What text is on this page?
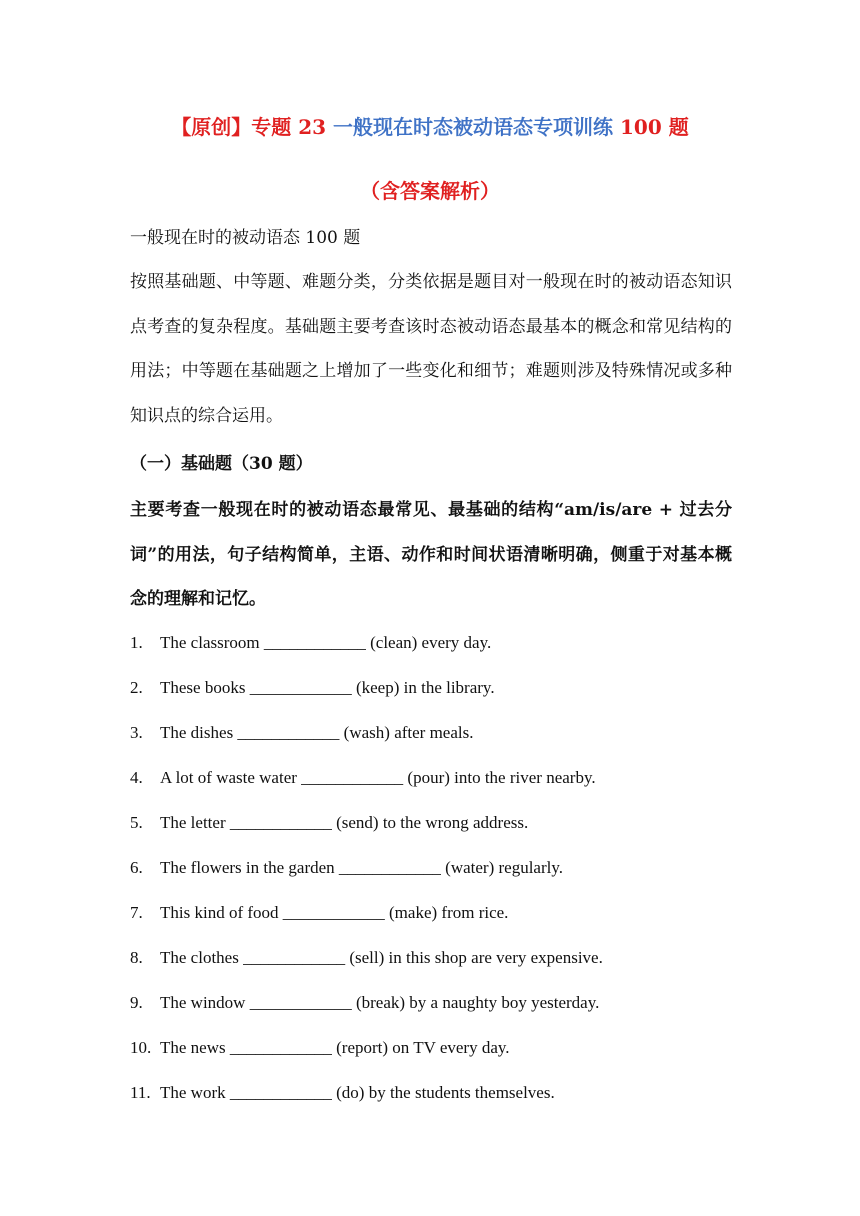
【原创】专题 23 一般现在时态被动语态专项训练 100 题
（含答案解析）
一般现在时的被动语态 100 题
按照基础题、中等题、难题分类，分类依据是题目对一般现在时的被动语态知识点考查的复杂程度。基础题主要考查该时态被动语态最基本的概念和常见结构的用法；中等题在基础题之上增加了一些变化和细节；难题则涉及特殊情况或多种知识点的综合运用。
（一）基础题（30 题）
主要考查一般现在时的被动语态最常见、最基础的结构“am/is/are + 过去分词”的用法，句子结构简单，主语、动作和时间状语清晰明确，侧重于对基本概念的理解和记忆。
1. The classroom ____________ (clean) every day.
2. These books ____________ (keep) in the library.
3. The dishes ____________ (wash) after meals.
4. A lot of waste water ____________ (pour) into the river nearby.
5. The letter ____________ (send) to the wrong address.
6. The flowers in the garden ____________ (water) regularly.
7. This kind of food ____________ (make) from rice.
8. The clothes ____________ (sell) in this shop are very expensive.
9. The window ____________ (break) by a naughty boy yesterday.
10. The news ____________ (report) on TV every day.
11. The work ____________ (do) by the students themselves.
